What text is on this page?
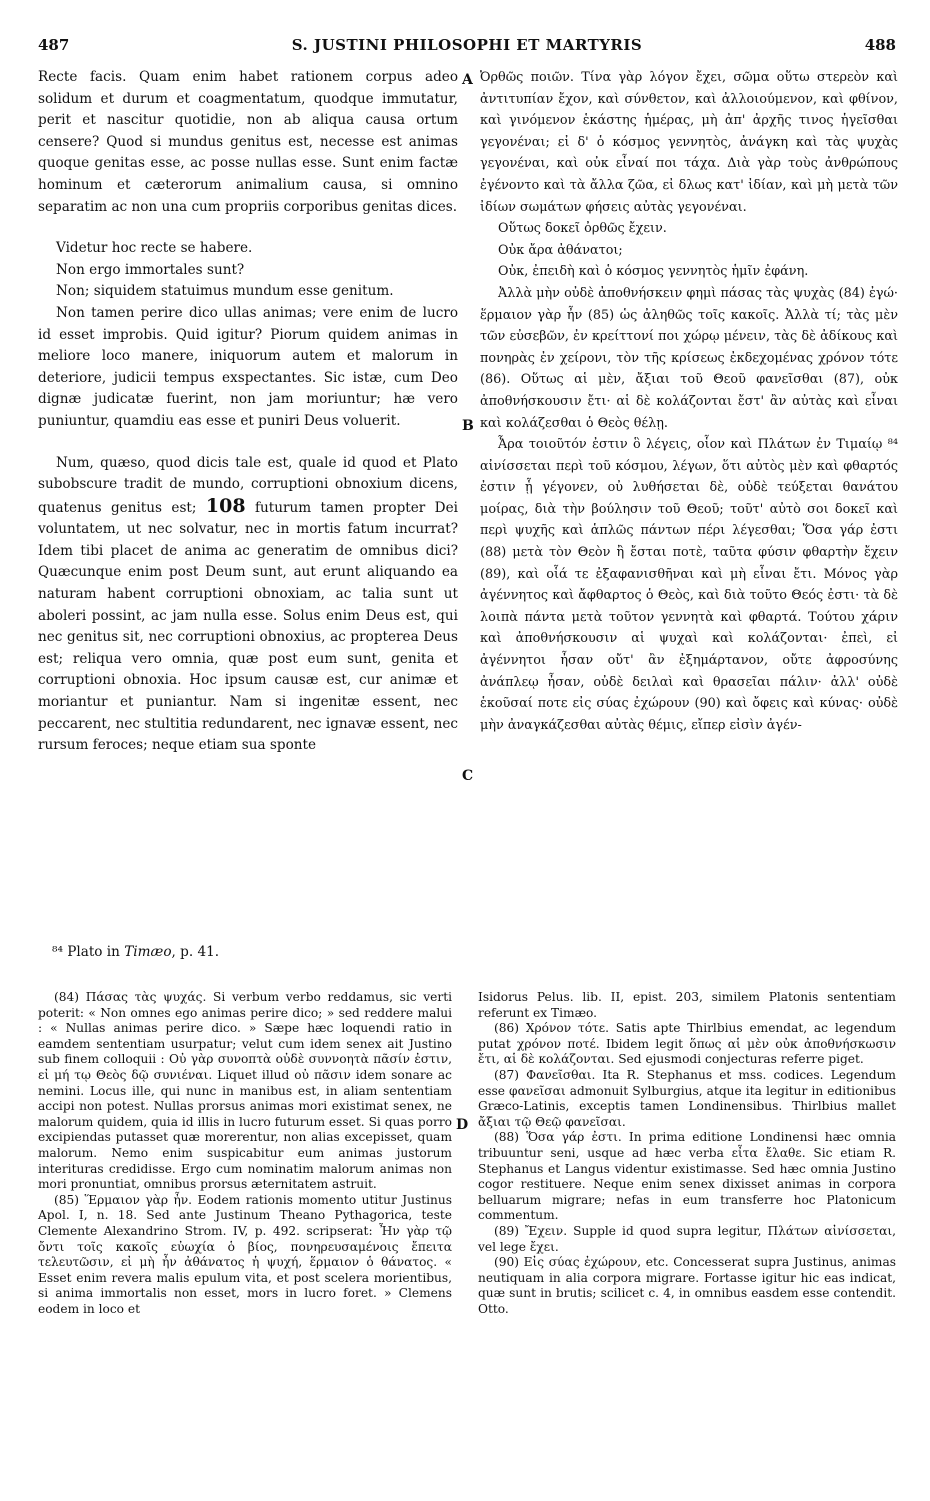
487	S. JUSTINI PHILOSOPHI ET MARTYRIS	488
A
B
C
D

Recte facis. Quam enim habet rationem corpus adeo solidum et durum et coagmentatum, quodque immutatur, perit et nascitur quotidie, non ab aliqua causa ortum censere? Quod si mundus genitus est, necesse est animas quoque genitas esse, ac posse nullas esse. Sunt enim factæ hominum et cæterorum animalium causa, si omnino separatim ac non una cum propriis corporibus genitas dices.

Videtur hoc recte se habere.

Non ergo immortales sunt?

Non; siquidem statuimus mundum esse genitum.

Non tamen perire dico ullas animas; vere enim de lucro id esset improbis. Quid igitur? Piorum quidem animas in meliore loco manere, iniquorum autem et malorum in deteriore, judicii tempus exspectantes. Sic istæ, cum Deo dignæ judicatæ fuerint, non jam moriuntur; hæ vero puniuntur, quamdiu eas esse et puniri Deus voluerit.

Num, quæso, quod dicis tale est, quale id quod et Plato subobscure tradit de mundo, corruptioni obnoxium dicens, quatenus genitus est; 108 futurum tamen propter Dei voluntatem, ut nec solvatur, nec in mortis fatum incurrat? Idem tibi placet de anima ac generatim de omnibus dici? Quæcunque enim post Deum sunt, aut erunt aliquando ea naturam habent corruptioni obnoxiam, ac talia sunt ut aboleri possint, ac jam nulla esse. Solus enim Deus est, qui nec genitus sit, nec corruptioni obnoxius, ac propterea Deus est; reliqua vero omnia, quæ post eum sunt, genita et corruptioni obnoxia. Hoc ipsum causæ est, cur animæ et moriantur et puniantur. Nam si ingenitæ essent, nec peccarent, nec stultitia redundarent, nec ignavæ essent, nec rursum feroces; neque etiam sua sponte

Ὀρθῶς ποιῶν. Τίνα γὰρ λόγον ἔχει, σῶμα οὕτω στερεὸν καὶ ἀντιτυπίαν ἔχον, καὶ σύνθετον, καὶ ἀλλοιούμενον, καὶ φθίνον, καὶ γινόμενον ἑκάστης ἡμέρας, μὴ ἀπ' ἀρχῆς τινος ἡγεῖσθαι γεγονέναι; εἰ δ' ὁ κόσμος γεννητὸς, ἀνάγκη καὶ τὰς ψυχὰς γεγονέναι, καὶ οὐκ εἶναί ποι τάχα. Διὰ γὰρ τοὺς ἀνθρώπους ἐγένοντο καὶ τὰ ἄλλα ζῶα, εἰ δλως κατ' ἰδίαν, καὶ μὴ μετὰ τῶν ἰδίων σωμάτων φήσεις αὐτὰς γεγονέναι.

Οὕτως δοκεῖ ὀρθῶς ἔχειν.

Οὐκ ἄρα ἀθάνατοι;

Οὐκ, ἐπειδὴ καὶ ὁ κόσμος γεννητὸς ἡμῖν ἐφάνη.

Ἀλλὰ μὴν οὐδὲ ἀποθνήσκειν φημὶ πάσας τὰς ψυχὰς (84) ἐγώ· ἕρμαιον γὰρ ἦν (85) ὡς ἀληθῶς τοῖς κακοῖς. Ἀλλὰ τί; τὰς μὲν τῶν εὐσεβῶν, ἐν κρείττονί ποι χώρῳ μένειν, τὰς δὲ ἀδίκους καὶ πονηρὰς ἐν χείρονι, τὸν τῆς κρίσεως ἐκδεχομένας χρόνον τότε (86). Οὕτως αἱ μὲν, ἄξιαι τοῦ Θεοῦ φανεῖσθαι (87), οὐκ ἀποθνήσκουσιν ἔτι· αἱ δὲ κολάζονται ἔστ' ἂν αὐτὰς καὶ εἶναι καὶ κολάζεσθαι ὁ Θεὸς θέλῃ.

Ἆρα τοιοῦτόν ἐστιν ὃ λέγεις, οἷον καὶ Πλάτων ἐν Τιμαίῳ ⁸⁴ αἰνίσσεται περὶ τοῦ κόσμου, λέγων, ὅτι αὐτὸς μὲν καὶ φθαρτός ἐστιν ᾗ γέγονεν, οὐ λυθήσεται δὲ, οὐδὲ τεύξεται θανάτου μοίρας, διὰ τὴν βούλησιν τοῦ Θεοῦ; τοῦτ' αὐτὸ σοι δοκεῖ καὶ περὶ ψυχῆς καὶ ἁπλῶς πάντων πέρι λέγεσθαι; Ὅσα γάρ ἐστι (88) μετὰ τὸν Θεὸν ἢ ἔσται ποτὲ, ταῦτα φύσιν φθαρτὴν ἔχειν (89), καὶ οἷά τε ἐξαφανισθῆναι καὶ μὴ εἶναι ἔτι. Μόνος γὰρ ἀγέννητος καὶ ἄφθαρτος ὁ Θεὸς, καὶ διὰ τοῦτο Θεός ἐστι· τὰ δὲ λοιπὰ πάντα μετὰ τοῦτον γεννητὰ καὶ φθαρτά. Τούτου χάριν καὶ ἀποθνήσκουσιν αἱ ψυχαὶ καὶ κολάζονται· ἐπεὶ, εἰ ἀγέννητοι ἦσαν οὔτ' ἂν ἐξημάρτανον, οὔτε ἀφροσύνης ἀνάπλεῳ ἦσαν, οὐδὲ δειλαὶ καὶ θρασεῖαι πάλιν· ἀλλ' οὐδὲ ἑκοῦσαί ποτε εἰς σύας ἐχώρουν (90) καὶ ὄφεις καὶ κύνας· οὐδὲ μὴν ἀναγκάζεσθαι αὐτὰς θέμις, εἴπερ εἰσὶν ἀγέν-

⁸⁴ Plato in Timæo, p. 41.

(84) Πάσας τὰς ψυχάς. Si verbum verbo reddamus, sic verti poterit: « Non omnes ego animas perire dico; » sed reddere malui : « Nullas animas perire dico. » Sæpe hæc loquendi ratio in eamdem sententiam usurpatur; velut cum idem senex ait Justino sub finem colloquii : Οὐ γὰρ συνοπτὰ οὐδὲ συννοητὰ πᾶσίν ἐστιν, εἰ μή τῳ Θεὸς δῷ συνιέναι. Liquet illud οὐ πᾶσιν idem sonare ac nemini. Locus ille, qui nunc in manibus est, in aliam sententiam accipi non potest. Nullas prorsus animas mori existimat senex, ne malorum quidem, quia id illis in lucro futurum esset. Si quas porro excipiendas putasset quæ morerentur, non alias excepisset, quam malorum. Nemo enim suspicabitur eum animas justorum interituras credidisse. Ergo cum nominatim malorum animas non mori pronuntiat, omnibus prorsus æternitatem astruit.

(85) Ἕρμαιον γὰρ ἦν. Eodem rationis momento utitur Justinus Apol. I, n. 18. Sed ante Justinum Theano Pythagorica, teste Clemente Alexandrino Strom. IV, p. 492. scripserat: Ἦν γὰρ τῷ ὄντι τοῖς κακοῖς εὐωχία ὁ βίος, πονηρευσαμένοις ἔπειτα τελευτῶσιν, εἰ μὴ ἦν ἀθάνατος ἡ ψυχή, ἕρμαιον ὁ θάνατος. « Esset enim revera malis epulum vita, et post scelera morientibus, si anima immortalis non esset, mors in lucro foret. » Clemens eodem in loco et

Isidorus Pelus. lib. II, epist. 203, similem Platonis sententiam referunt ex Timæo.

(86) Χρόνον τότε. Satis apte Thirlbius emendat, ac legendum putat χρόνον ποτέ. Ibidem legit ὅπως αἱ μὲν οὐκ ἀποθνήσκωσιν ἔτι, αἱ δὲ κολάζονται. Sed ejusmodi conjecturas referre piget.

(87) Φανεῖσθαι. Ita R. Stephanus et mss. codices. Legendum esse φανεῖσαι admonuit Sylburgius, atque ita legitur in editionibus Græco-Latinis, exceptis tamen Londinensibus. Thirlbius mallet ἄξιαι τῷ Θεῷ φανεῖσαι.

(88) Ὅσα γάρ ἐστι. In prima editione Londinensi hæc omnia tribuuntur seni, usque ad hæc verba εἶτα ἔλαθε. Sic etiam R. Stephanus et Langus videntur existimasse. Sed hæc omnia Justino cogor restituere. Neque enim senex dixisset animas in corpora belluarum migrare; nefas in eum transferre hoc Platonicum commentum.

(89) Ἔχειν. Supple id quod supra legitur, Πλάτων αἰνίσσεται, vel lege ἔχει.

(90) Εἰς σύας ἐχώρουν, etc. Concesserat supra Justinus, animas neutiquam in alia corpora migrare. Fortasse igitur hic eas indicat, quæ sunt in brutis; scilicet c. 4, in omnibus easdem esse contendit. Otto.
